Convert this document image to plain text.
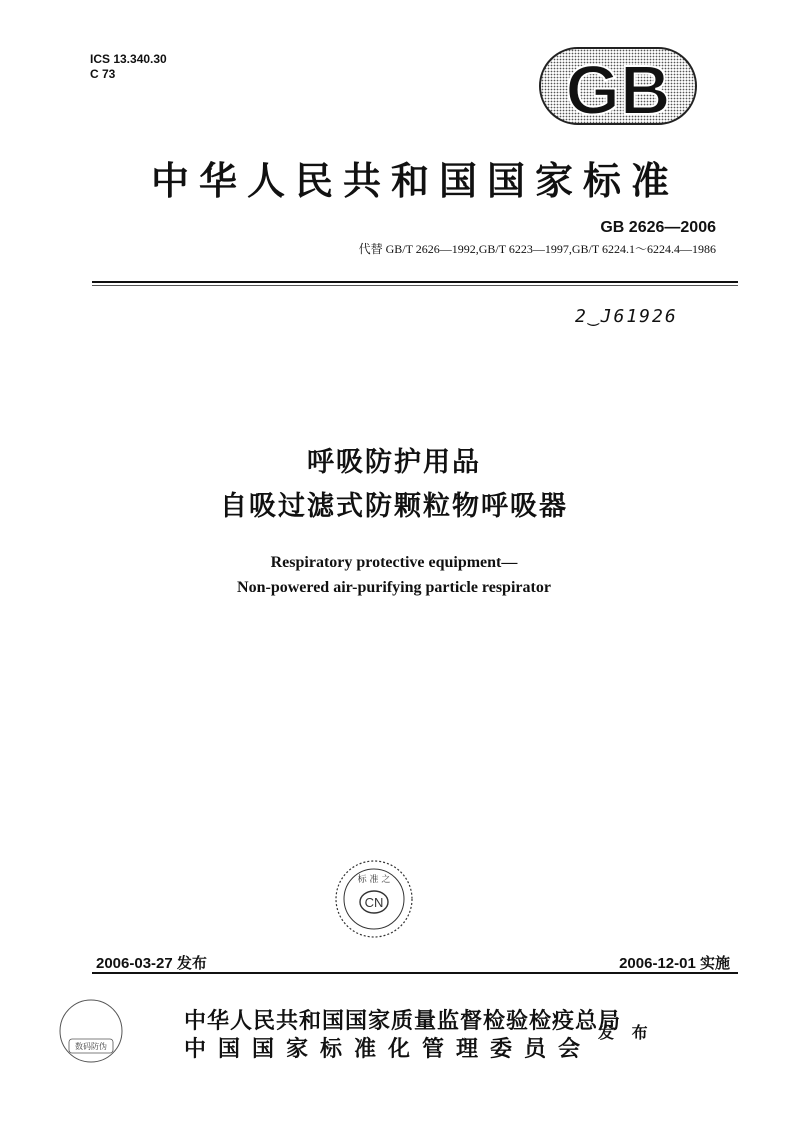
ICS 13.340.30
C 73	GB
中华人民共和国国家标准
GB 2626—2006
代替 GB/T 2626—1992,GB/T 6223—1997,GB/T 6224.1～6224.4—1986
2‿J61926
呼吸防护用品
自吸过滤式防颗粒物呼吸器
Respiratory protective equipment—
Non-powered air-purifying particle respirator
标 准 之
CN
2006-03-27 发布	2006-12-01 实施
数码防伪
中华人民共和国国家质量监督检验检疫总局
中国国家标准化管理委员会
发 布
